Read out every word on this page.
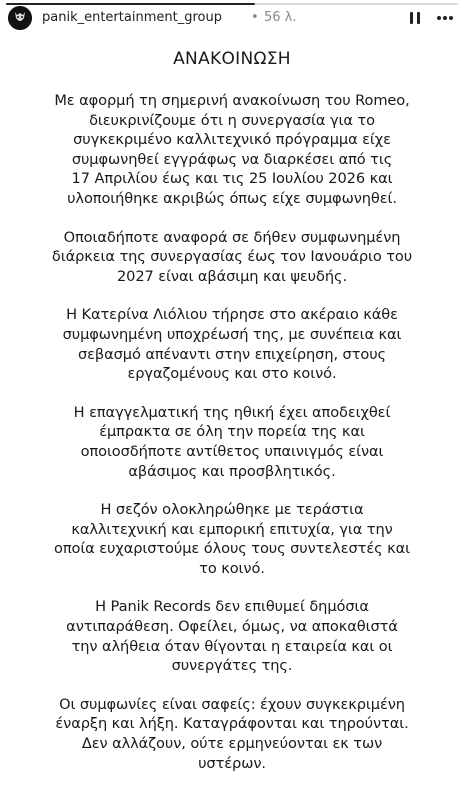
panik_entertainment_group • 56 λ.
ΑΝΑΚΟΙΝΩΣΗ
Με αφορμή τη σημερινή ανακοίνωση του Romeo,
διευκρινίζουμε ότι η συνεργασία για το
συγκεκριμένο καλλιτεχνικό πρόγραμμα είχε
συμφωνηθεί εγγράφως να διαρκέσει από τις
17 Απριλίου έως και τις 25 Ιουλίου 2026 και
υλοποιήθηκε ακριβώς όπως είχε συμφωνηθεί.
Οποιαδήποτε αναφορά σε δήθεν συμφωνημένη
διάρκεια της συνεργασίας έως τον Ιανουάριο του
2027 είναι αβάσιμη και ψευδής.
Η Κατερίνα Λιόλιου τήρησε στο ακέραιο κάθε
συμφωνημένη υποχρέωσή της, με συνέπεια και
σεβασμό απέναντι στην επιχείρηση, στους
εργαζομένους και στο κοινό.
Η επαγγελματική της ηθική έχει αποδειχθεί
έμπρακτα σε όλη την πορεία της και
οποιοσδήποτε αντίθετος υπαινιγμός είναι
αβάσιμος και προσβλητικός.
Η σεζόν ολοκληρώθηκε με τεράστια
καλλιτεχνική και εμπορική επιτυχία, για την
οποία ευχαριστούμε όλους τους συντελεστές και
το κοινό.
Η Panik Records δεν επιθυμεί δημόσια
αντιπαράθεση. Οφείλει, όμως, να αποκαθιστά
την αλήθεια όταν θίγονται η εταιρεία και οι
συνεργάτες της.
Οι συμφωνίες είναι σαφείς: έχουν συγκεκριμένη
έναρξη και λήξη. Καταγράφονται και τηρούνται.
Δεν αλλάζουν, ούτε ερμηνεύονται εκ των
υστέρων.
